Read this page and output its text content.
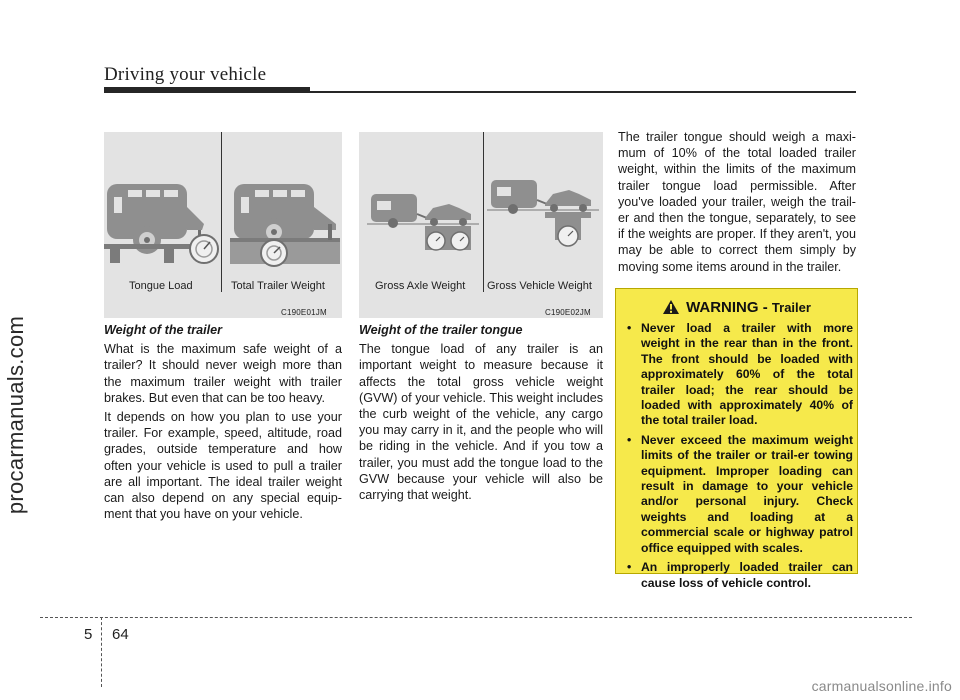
Driving your vehicle
procarmanuals.com
carmanualsonline.info
Tongue Load	Total Trailer Weight
C190E01JM
Gross Axle Weight Gross Vehicle Weight
C190E02JM
Weight of the trailer

What is the maximum safe weight of a trailer? It should never weigh more than the maximum trailer weight with trailer brakes. But even that can be too heavy.

It depends on how you plan to use your trailer. For example, speed, altitude, road grades, outside temperature and how often your vehicle is used to pull a trailer are all important. The ideal trailer weight can also depend on any special equip-ment that you have on your vehicle.

Weight of the trailer tongue

The tongue load of any trailer is an important weight to measure because it affects the total gross vehicle weight (GVW) of your vehicle. This weight includes the curb weight of the vehicle, any cargo you may carry in it, and the people who will be riding in the vehicle. And if you tow a trailer, you must add the tongue load to the GVW because your vehicle will also be carrying that weight.

The trailer tongue should weigh a maxi-mum of 10% of the total loaded trailer weight, within the limits of the maximum trailer tongue load permissible. After you've loaded your trailer, weigh the trail-er and then the tongue, separately, to see if the weights are proper. If they aren't, you may be able to correct them simply by moving some items around in the trailer.

WARNING - Trailer
• Never load a trailer with more weight in the rear than in the front. The front should be loaded with approximately 60% of the total trailer load; the rear should be loaded with approximately 40% of the total trailer load.
• Never exceed the maximum weight limits of the trailer or trail-er towing equipment. Improper loading can result in damage to your vehicle and/or personal injury. Check weights and loading at a commercial scale or highway patrol office equipped with scales.
• An improperly loaded trailer can cause loss of vehicle control.
5 64
